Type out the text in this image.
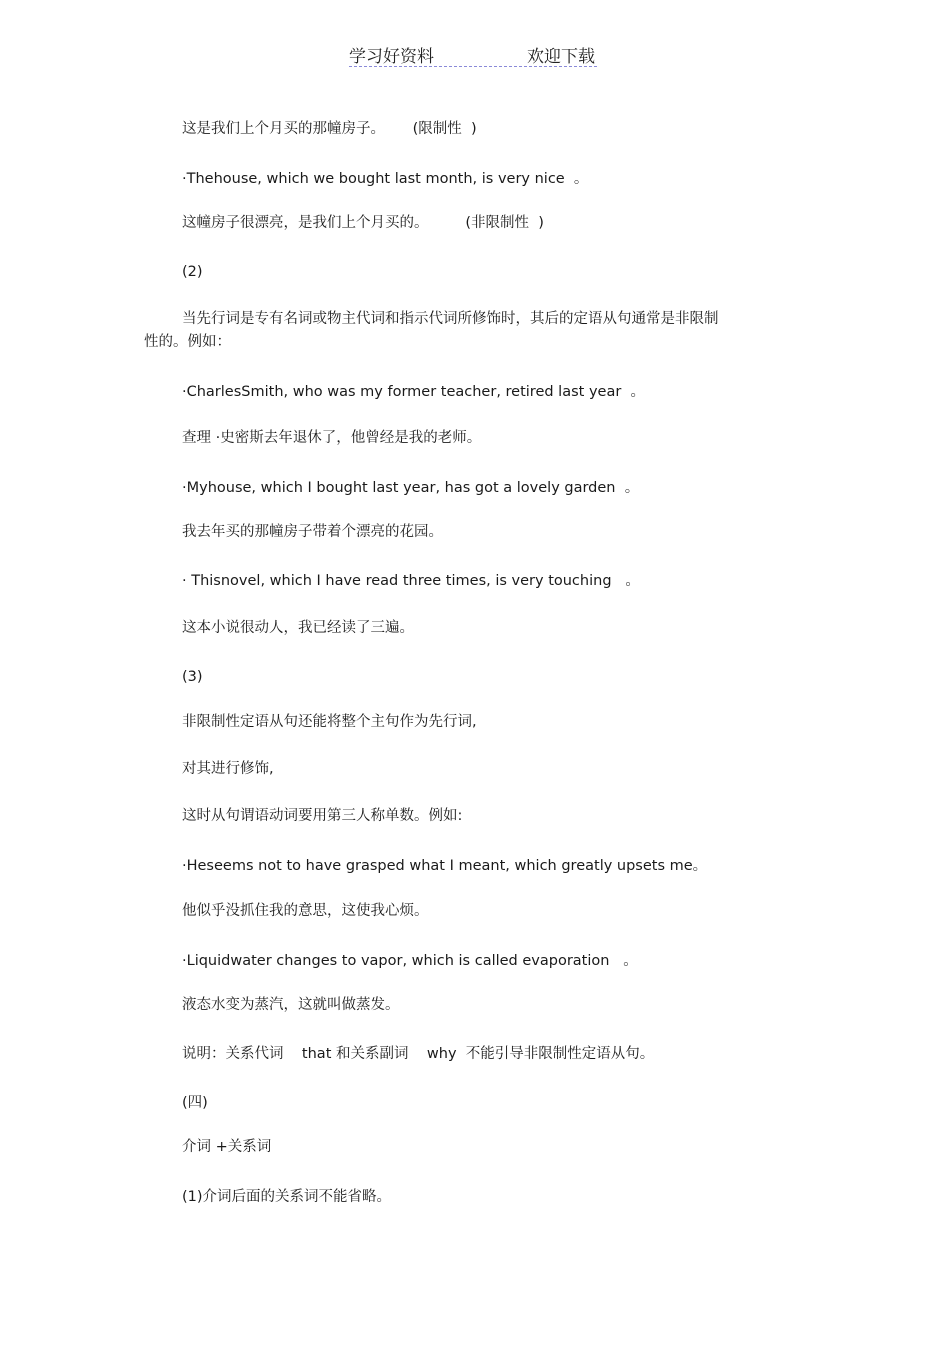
学习好资料	欢迎下载
这是我们上个月买的那幢房子。      (限制性  )
·Thehouse, which we bought last month, is very nice  。
这幢房子很漂亮，是我们上个月买的。        (非限制性  )
(2)
当先行词是专有名词或物主代词和指示代词所修饰时，其后的定语从句通常是非限制
性的。例如：
·CharlesSmith, who was my former teacher, retired last year  。
查理 ·史密斯去年退休了，他曾经是我的老师。
·Myhouse, which I bought last year, has got a lovely garden  。
我去年买的那幢房子带着个漂亮的花园。
· Thisnovel, which I have read three times, is very touching   。
这本小说很动人，我已经读了三遍。
(3)
非限制性定语从句还能将整个主句作为先行词,
对其进行修饰,
这时从句谓语动词要用第三人称单数。例如:
·Heseems not to have grasped what I meant, which greatly upsets me。
他似乎没抓住我的意思，这使我心烦。
·Liquidwater changes to vapor, which is called evaporation   。
液态水变为蒸汽，这就叫做蒸发。
说明：关系代词    that 和关系副词    why  不能引导非限制性定语从句。
(四)
介词 +关系词
(1)介词后面的关系词不能省略。
